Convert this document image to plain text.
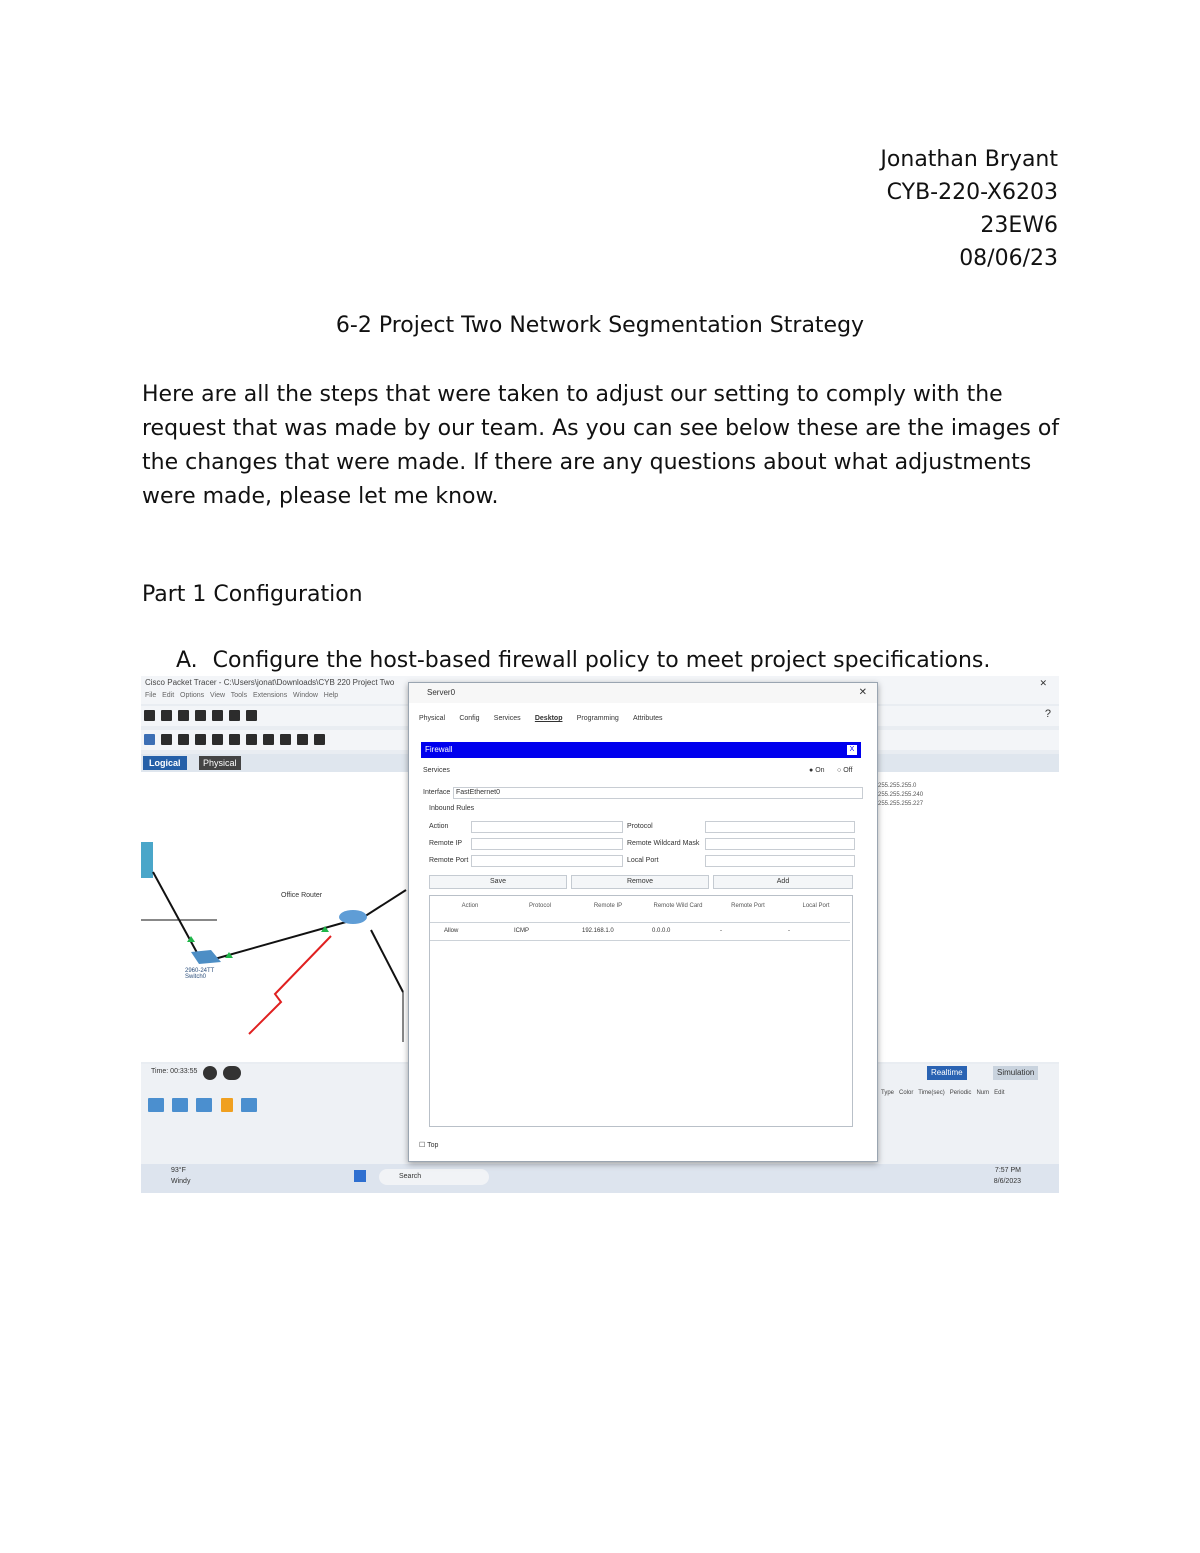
Jonathan Bryant
CYB-220-X6203
23EW6
08/06/23
6-2 Project Two Network Segmentation Strategy
Here are all the steps that were taken to adjust our setting to comply with the request that was made by our team. As you can see below these are the images of the changes that were made. If there are any questions about what adjustments were made, please let me know.
Part 1 Configuration
A. Configure the host-based firewall policy to meet project specifications.
Cisco Packet Tracer - C:\Users\jonat\Downloads\CYB 220 Project Two
File Edit Options View Tools Extensions Window Help
✕
?
Logical	Physical
Office Router
2960-24TT
Switch0
255.255.255.0
255.255.255.240
255.255.255.227
Time: 00:33:55	Realtime	Simulation
Type Color Time(sec) Periodic Num Edit

93°F
Windy
Search
7:57 PM
8/6/2023
Server0	✕
Physical Config Services Desktop Programming Attributes
Firewall	X
Services	● On ○ Off
Interface FastEthernet0
Inbound Rules
Action	Protocol
Remote IP	Remote Wildcard Mask
Remote Port	Local Port
Save	Remove	Add
Action	Protocol	Remote IP	Remote Wild Card	Remote Port	Local Port
Allow	ICMP	192.168.1.0	0.0.0.0	-	-
☐ Top
